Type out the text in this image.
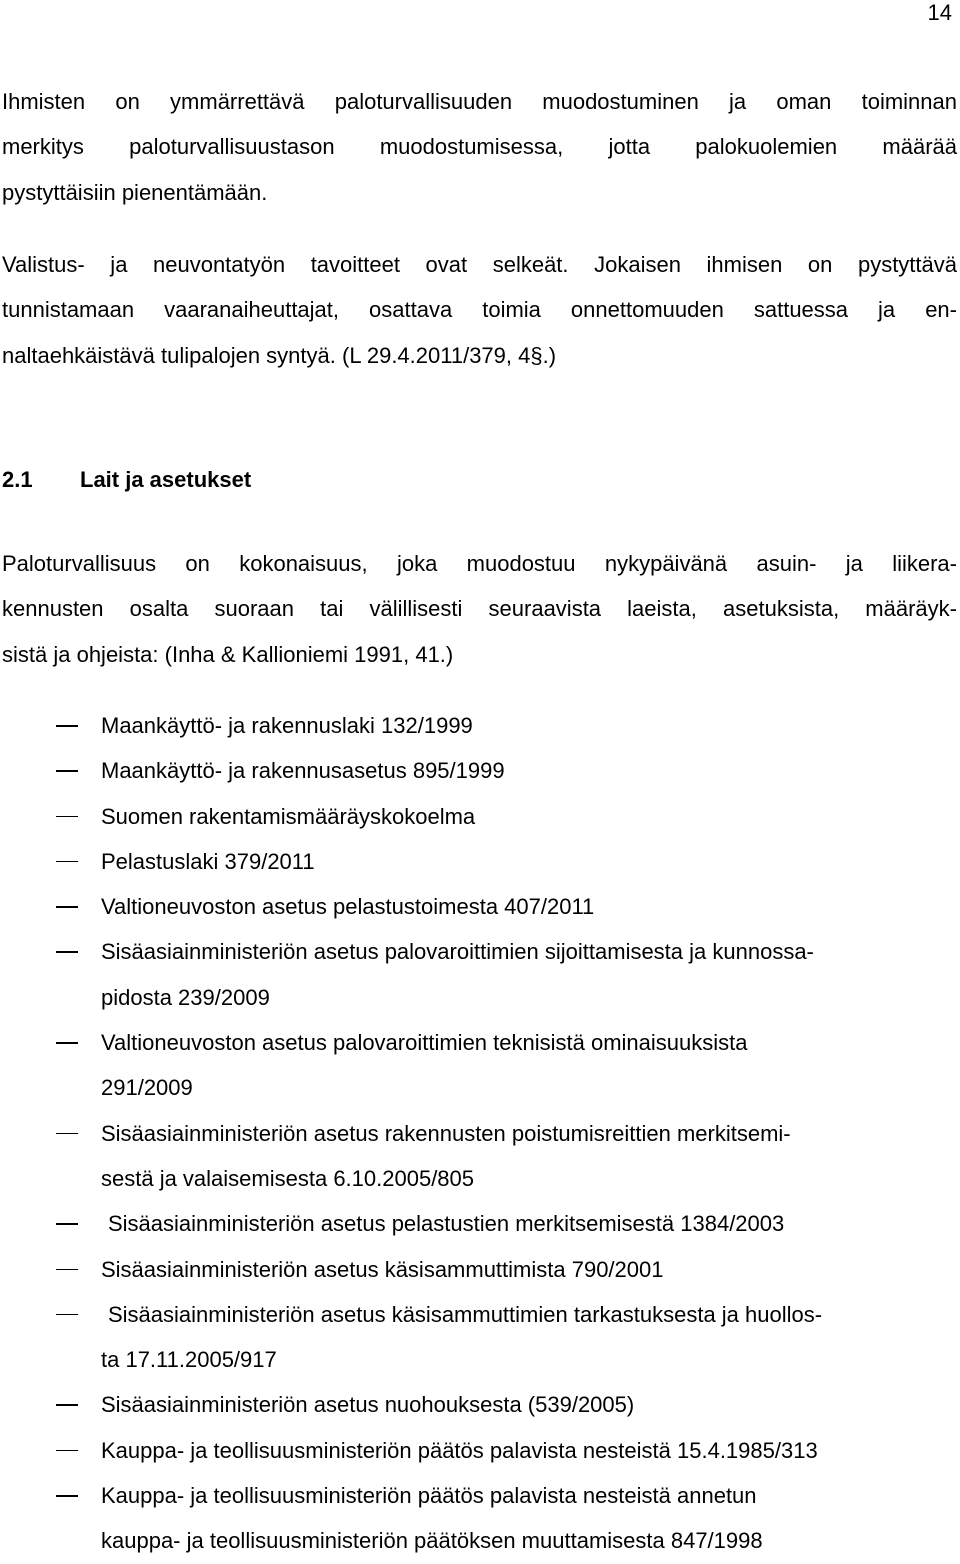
14

Ihmisten on ymmärrettävä paloturvallisuuden muodostuminen ja oman toiminnan
merkitys paloturvallisuustason muodostumisessa, jotta palokuolemien määrää
pystyttäisiin pienentämään.

Valistus- ja neuvontatyön tavoitteet ovat selkeät. Jokaisen ihmisen on pystyttävä
tunnistamaan vaaranaiheuttajat, osattava toimia onnettomuuden sattuessa ja en-
naltaehkäistävä tulipalojen syntyä. (L 29.4.2011/379, 4§.)

2.1 Lait ja asetukset

Paloturvallisuus on kokonaisuus, joka muodostuu nykypäivänä asuin- ja liikera-
kennusten osalta suoraan tai välillisesti seuraavista laeista, asetuksista, määräyk-
sistä ja ohjeista: (Inha & Kallioniemi 1991, 41.)

Maankäyttö- ja rakennuslaki 132/1999
Maankäyttö- ja rakennusasetus 895/1999
Suomen rakentamismääräyskokoelma
Pelastuslaki 379/2011
Valtioneuvoston asetus pelastustoimesta 407/2011
Sisäasiainministeriön asetus palovaroittimien sijoittamisesta ja kunnossa-
pidosta 239/2009
Valtioneuvoston asetus palovaroittimien teknisistä ominaisuuksista
291/2009
Sisäasiainministeriön asetus rakennusten poistumisreittien merkitsemi-
sestä ja valaisemisesta 6.10.2005/805
Sisäasiainministeriön asetus pelastustien merkitsemisestä 1384/2003
Sisäasiainministeriön asetus käsisammuttimista 790/2001
Sisäasiainministeriön asetus käsisammuttimien tarkastuksesta ja huollos-
ta 17.11.2005/917
Sisäasiainministeriön asetus nuohouksesta (539/2005)
Kauppa- ja teollisuusministeriön päätös palavista nesteistä 15.4.1985/313
Kauppa- ja teollisuusministeriön päätös palavista nesteistä annetun
kauppa- ja teollisuusministeriön päätöksen muuttamisesta 847/1998
